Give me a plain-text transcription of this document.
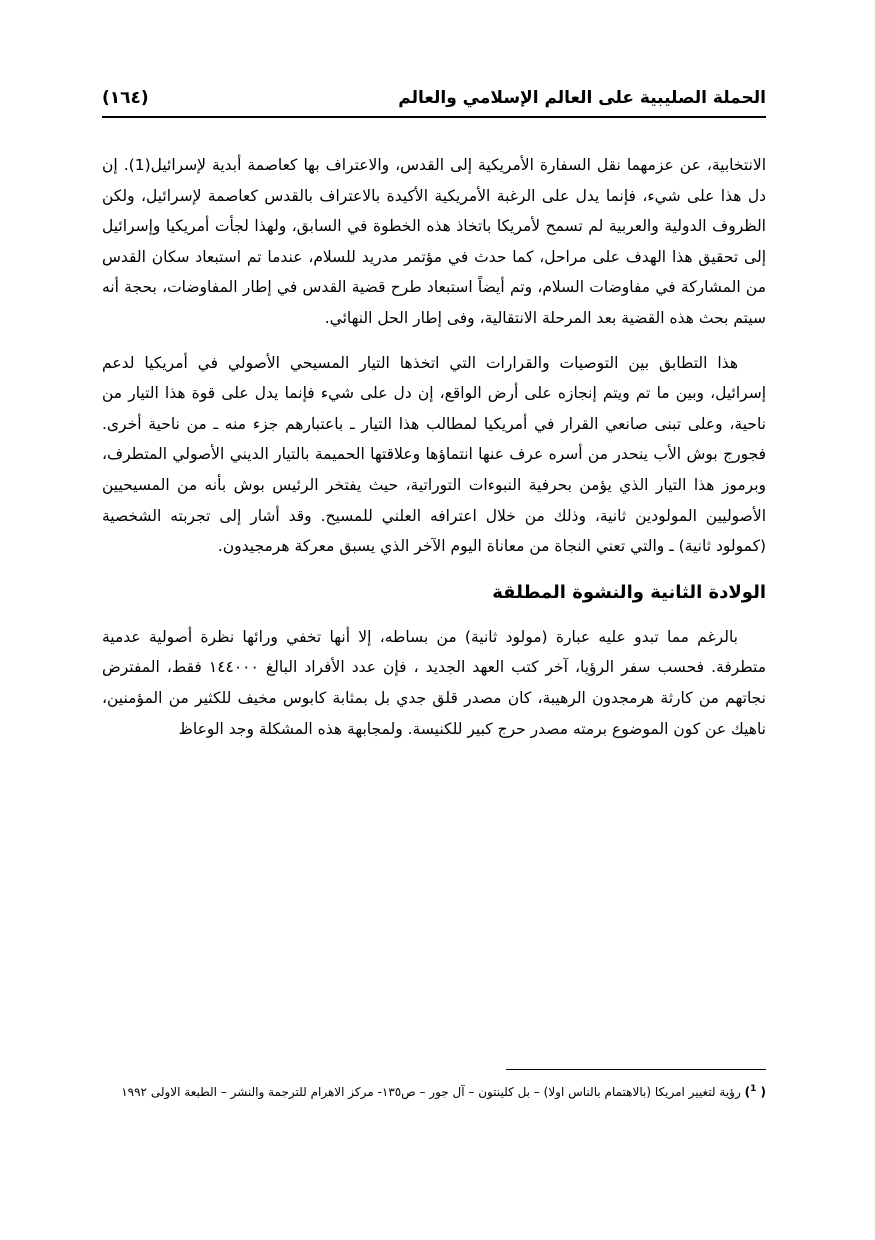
الحملة الصليبية على العالم الإسلامي والعالم
(١٦٤)

الانتخابية، عن عزمهما نقل السفارة الأمريكية إلى القدس، والاعتراف بها كعاصمة أبدية لإسرائيل(1). إن دل هذا على شيء، فإنما يدل على الرغبة الأمريكية الأكيدة بالاعتراف بالقدس كعاصمة لإسرائيل، ولكن الظروف الدولية والعربية لم تسمح لأمريكا باتخاذ هذه الخطوة في السابق، ولهذا لجأت أمريكيا وإسرائيل إلى تحقيق هذا الهدف على مراحل، كما حدث في مؤتمر مدريد للسلام، عندما تم استبعاد سكان القدس من المشاركة في مفاوضات السلام، وتم أيضاً استبعاد طرح قضية القدس في إطار المفاوضات، بحجة أنه سيتم بحث هذه القضية بعد المرحلة الانتقالية، وفى إطار الحل النهائي.

هذا التطابق بين التوصيات والقرارات التي اتخذها التيار المسيحي الأصولي في أمريكيا لدعم إسرائيل، وبين ما تم ويتم إنجازه على أرض الواقع، إن دل على شيء فإنما يدل على قوة هذا التيار من ناحية، وعلى تبنى صانعي القرار في أمريكيا لمطالب هذا التيار ـ باعتبارهم جزء منه ـ من ناحية أخرى. فجورج بوش الأب ينحدر من أسره عرف عنها انتماؤها وعلاقتها الحميمة بالتيار الديني الأصولي المتطرف، وبرموز هذا التيار الذي يؤمن بحرفية النبوءات التوراتية، حيث يفتخر الرئيس بوش بأنه من المسيحيين الأصوليين المولودين ثانية، وذلك من خلال اعترافه العلني للمسيح. وقد أشار إلى تجربته الشخصية (كمولود ثانية) ـ والتي تعني النجاة من معاناة اليوم الآخر الذي يسبق معركة هرمجيدون.

الولادة الثانية والنشوة المطلقة

بالرغم مما تبدو عليه عبارة (مولود ثانية) من بساطه، إلا أنها تخفي ورائها نظرة أصولية عدمية متطرفة. فحسب سفر الرؤيا، آخر كتب العهد الجديد ، فإن عدد الأفراد البالغ ١٤٤٠٠٠ فقط، المفترض نجاتهم من كارثة هرمجدون الرهيبة، كان مصدر قلق جدي بل بمثابة كابوس مخيف للكثير من المؤمنين، ناهيك عن كون الموضوع برمته مصدر حرج كبير للكنيسة. ولمجابهة هذه المشكلة وجد الوعاظ

( $^1$) رؤية لتغيير امريكا (بالاهتمام بالناس اولا) – بل كلينتون – آل جور – ص١٣٥- مركز الاهرام للترجمة والنشر – الطبعة الاولى ١٩٩٢
